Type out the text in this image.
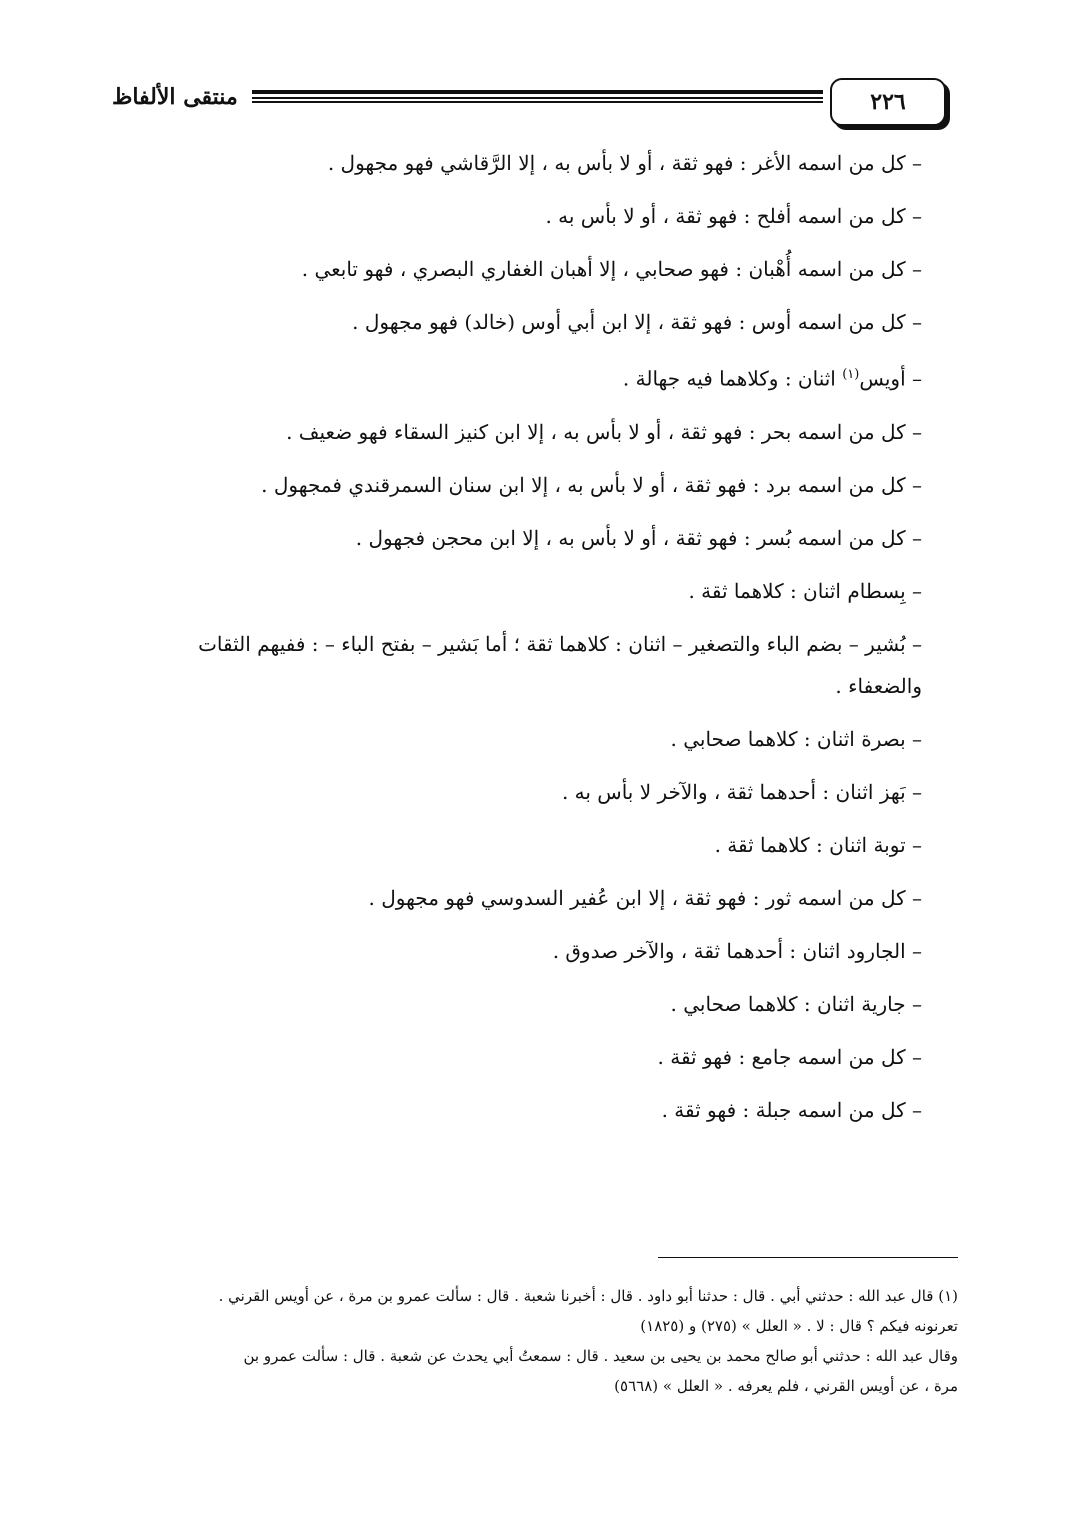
٢٢٦
منتقى الألفاظ

– كل من اسمه الأغر : فهو ثقة ، أو لا بأس به ، إلا الرَّقاشي فهو مجهول .

– كل من اسمه أفلح : فهو ثقة ، أو لا بأس به .

– كل من اسمه أُهْبان : فهو صحابي ، إلا أهبان الغفاري البصري ، فهو تابعي .

– كل من اسمه أوس : فهو ثقة ، إلا ابن أبي أوس (خالد) فهو مجهول .

– أويس$^{(١)}$ اثنان : وكلاهما فيه جهالة .

– كل من اسمه بحر : فهو ثقة ، أو لا بأس به ، إلا ابن كنيز السقاء فهو ضعيف .

– كل من اسمه برد : فهو ثقة ، أو لا بأس به ، إلا ابن سنان السمرقندي فمجهول .

– كل من اسمه بُسر : فهو ثقة ، أو لا بأس به ، إلا ابن محجن فجهول .

– بِسطام اثنان : كلاهما ثقة .

– بُشير – بضم الباء والتصغير – اثنان : كلاهما ثقة ؛ أما بَشير – بفتح الباء – : ففيهم الثقات

والضعفاء .

– بصرة اثنان : كلاهما صحابي .

– بَهز اثنان : أحدهما ثقة ، والآخر لا بأس به .

– توبة اثنان : كلاهما ثقة .

– كل من اسمه ثور : فهو ثقة ، إلا ابن عُفير السدوسي فهو مجهول .

– الجارود اثنان : أحدهما ثقة ، والآخر صدوق .

– جارية اثنان : كلاهما صحابي .

– كل من اسمه جامع : فهو ثقة .

– كل من اسمه جبلة : فهو ثقة .

(١) قال عبد الله : حدثني أبي . قال : حدثنا أبو داود . قال : أخبرنا شعبة . قال : سألت عمرو بن مرة ، عن أويس القرني .

تعرنونه فيكم ؟ قال : لا . « العلل » (٢٧٥) و (١٨٢٥)

وقال عبد الله : حدثني أبو صالح محمد بن يحيى بن سعيد . قال : سمعتُ أبي يحدث عن شعبة . قال : سألت عمرو بن

مرة ، عن أويس القرني ، فلم يعرفه . « العلل » (٥٦٦٨)
